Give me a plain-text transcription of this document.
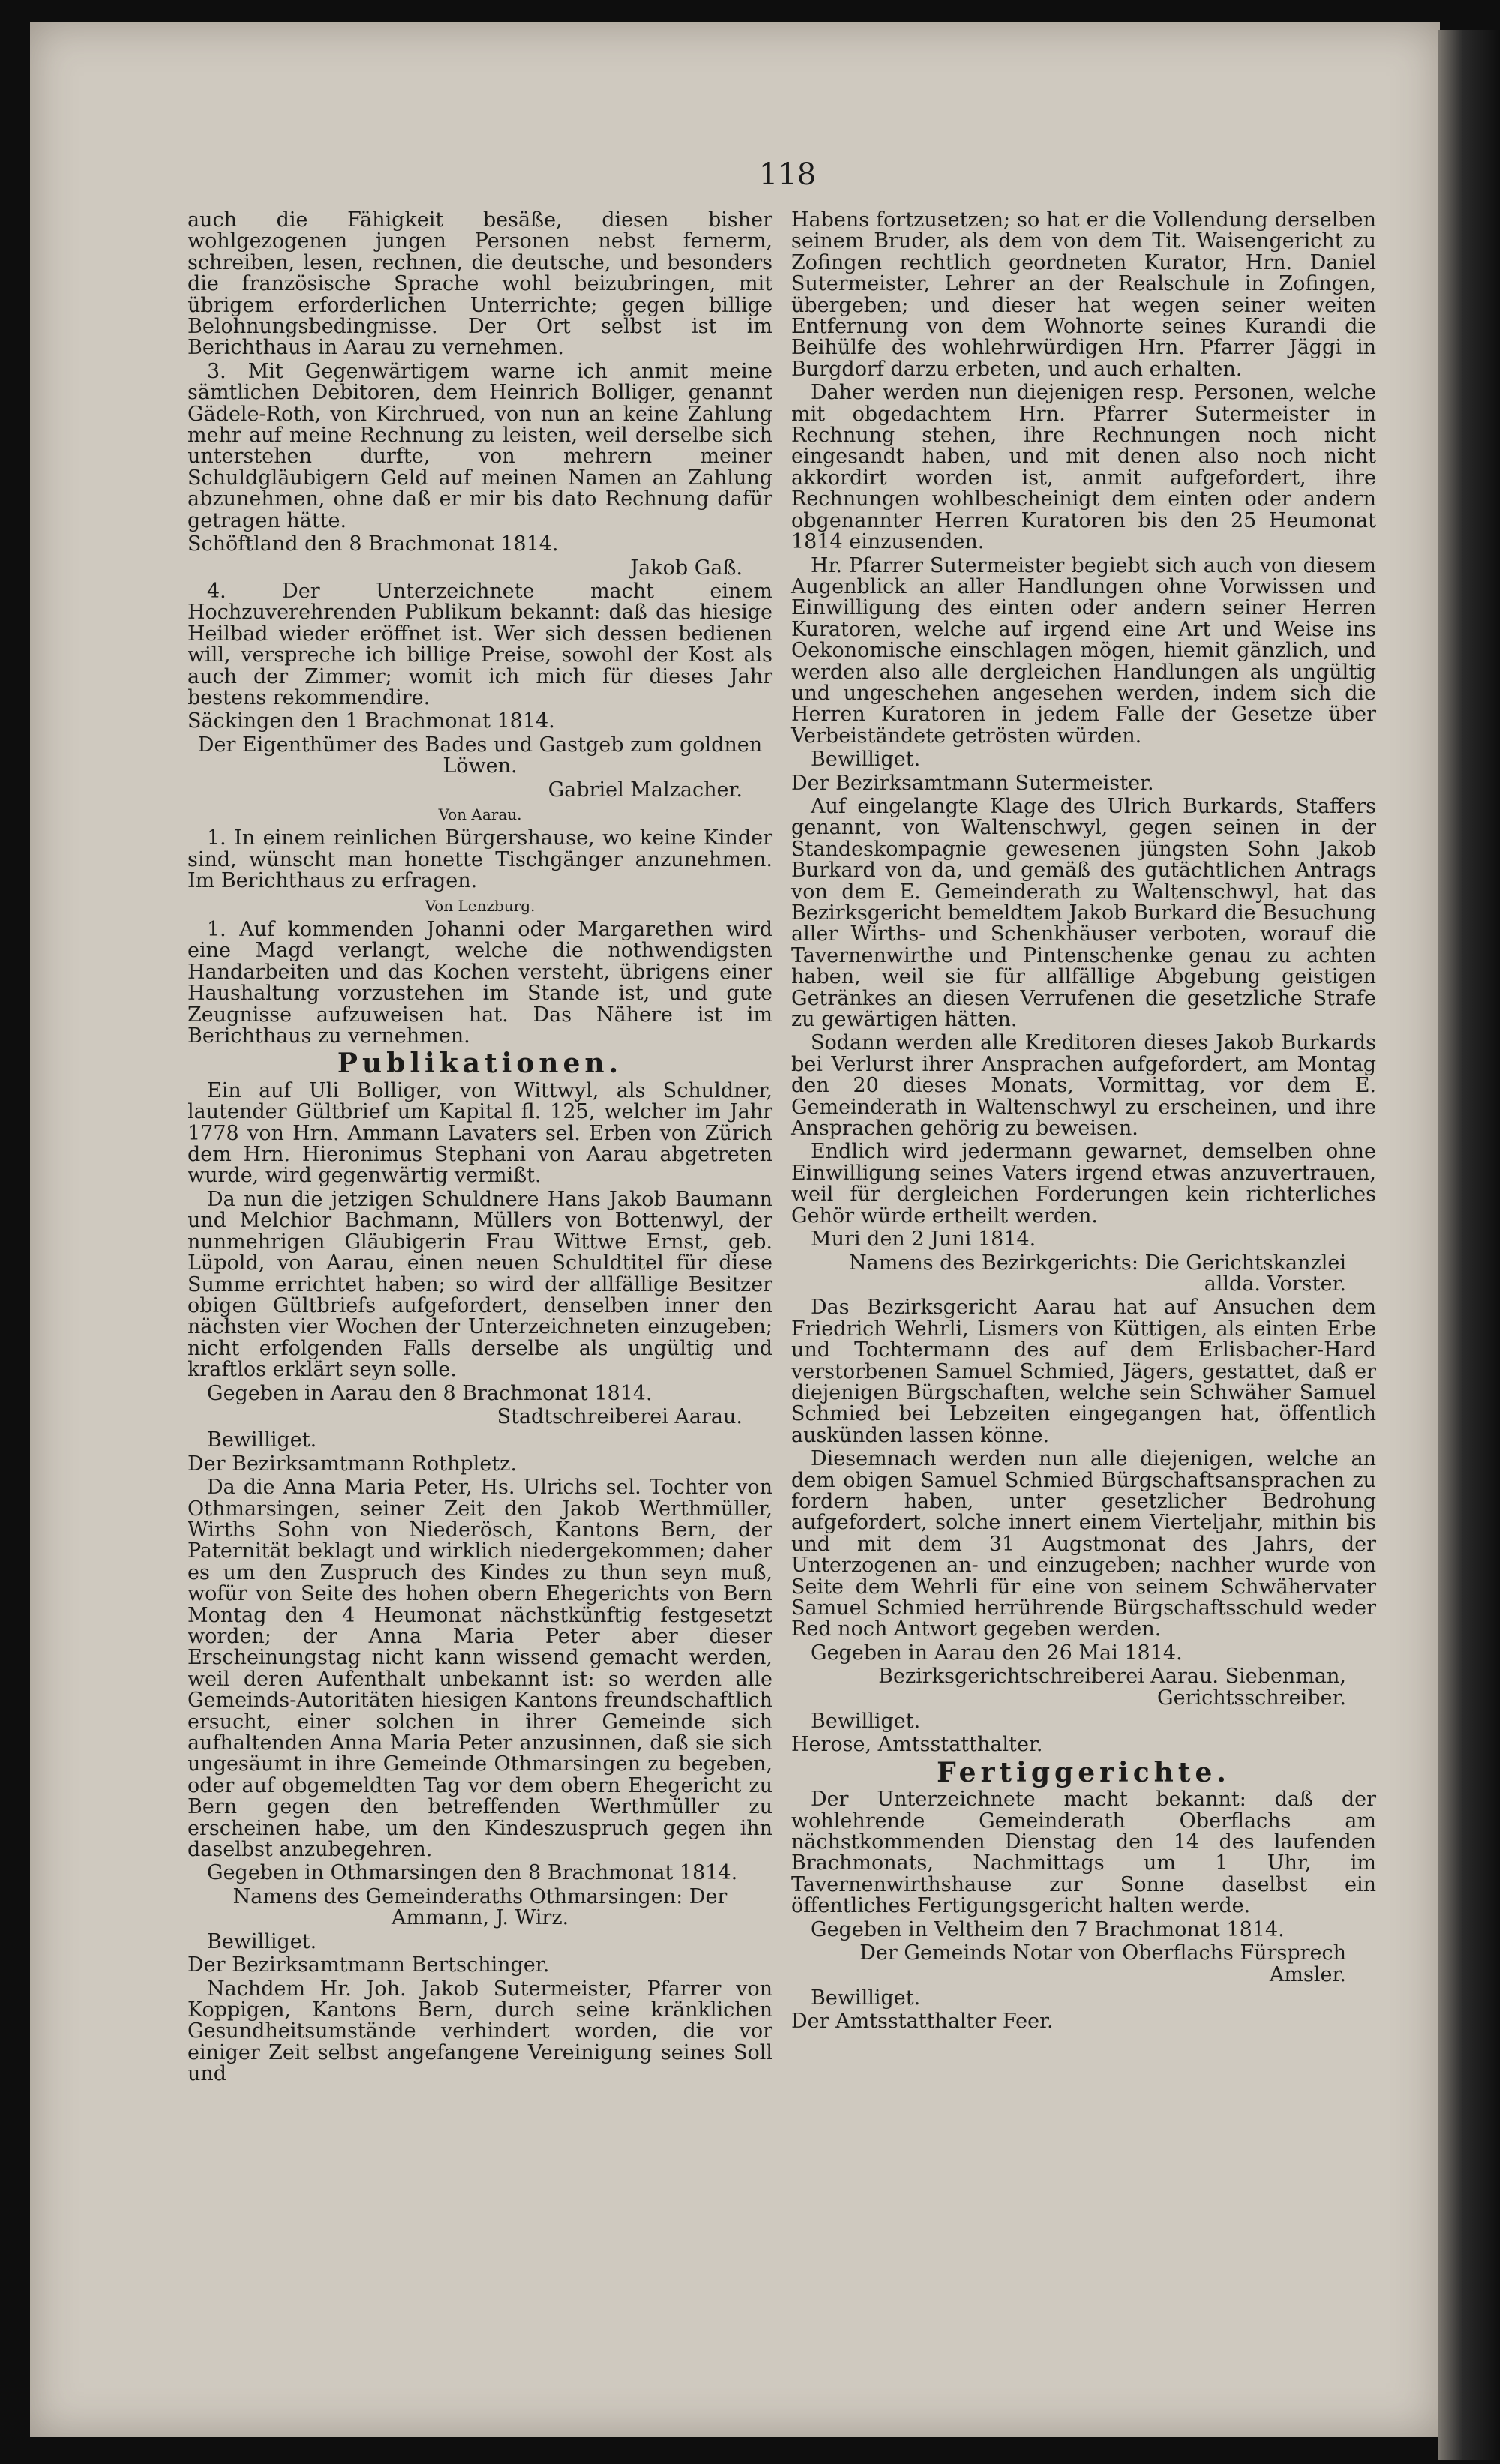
118
auch die Fähigkeit besäße, diesen bisher wohlgezogenen jungen Personen nebst fernerm, schreiben, lesen, rechnen, die deutsche, und besonders die französische Sprache wohl beizubringen, mit übrigem erforderlichen Unterrichte; gegen billige Belohnungsbedingnisse. Der Ort selbst ist im Berichthaus in Aarau zu vernehmen.
3. Mit Gegenwärtigem warne ich anmit meine sämtlichen Debitoren, dem Heinrich Bolliger, genannt Gädele-Roth, von Kirchrued, von nun an keine Zahlung mehr auf meine Rechnung zu leisten, weil derselbe sich unterstehen durfte, von mehrern meiner Schuldgläubigern Geld auf meinen Namen an Zahlung abzunehmen, ohne daß er mir bis dato Rechnung dafür getragen hätte.
Schöftland den 8 Brachmonat 1814.
Jakob Gaß.
4. Der Unterzeichnete macht einem Hochzuverehrenden Publikum bekannt: daß das hiesige Heilbad wieder eröffnet ist. Wer sich dessen bedienen will, verspreche ich billige Preise, sowohl der Kost als auch der Zimmer; womit ich mich für dieses Jahr bestens rekommendire.
Säckingen den 1 Brachmonat 1814.
Der Eigenthümer des Bades und Gastgeb zum goldnen Löwen.
Gabriel Malzacher.
Von Aarau.
1. In einem reinlichen Bürgershause, wo keine Kinder sind, wünscht man honette Tischgänger anzunehmen. Im Berichthaus zu erfragen.
Von Lenzburg.
1. Auf kommenden Johanni oder Margarethen wird eine Magd verlangt, welche die nothwendigsten Handarbeiten und das Kochen versteht, übrigens einer Haushaltung vorzustehen im Stande ist, und gute Zeugnisse aufzuweisen hat. Das Nähere ist im Berichthaus zu vernehmen.
Publikationen.
Ein auf Uli Bolliger, von Wittwyl, als Schuldner, lautender Gültbrief um Kapital fl. 125, welcher im Jahr 1778 von Hrn. Ammann Lavaters sel. Erben von Zürich dem Hrn. Hieronimus Stephani von Aarau abgetreten wurde, wird gegenwärtig vermißt.
Da nun die jetzigen Schuldnere Hans Jakob Baumann und Melchior Bachmann, Müllers von Bottenwyl, der nunmehrigen Gläubigerin Frau Wittwe Ernst, geb. Lüpold, von Aarau, einen neuen Schuldtitel für diese Summe errichtet haben; so wird der allfällige Besitzer obigen Gültbriefs aufgefordert, denselben inner den nächsten vier Wochen der Unterzeichneten einzugeben; nicht erfolgenden Falls derselbe als ungültig und kraftlos erklärt seyn solle.
Gegeben in Aarau den 8 Brachmonat 1814.
Stadtschreiberei Aarau.
Bewilliget.
Der Bezirksamtmann Rothpletz.
Da die Anna Maria Peter, Hs. Ulrichs sel. Tochter von Othmarsingen, seiner Zeit den Jakob Werthmüller, Wirths Sohn von Niederösch, Kantons Bern, der Paternität beklagt und wirklich niedergekommen; daher es um den Zuspruch des Kindes zu thun seyn muß, wofür von Seite des hohen obern Ehegerichts von Bern Montag den 4 Heumonat nächstkünftig festgesetzt worden; der Anna Maria Peter aber dieser Erscheinungstag nicht kann wissend gemacht werden, weil deren Aufenthalt unbekannt ist: so werden alle Gemeinds-Autoritäten hiesigen Kantons freundschaftlich ersucht, einer solchen in ihrer Gemeinde sich aufhaltenden Anna Maria Peter anzusinnen, daß sie sich ungesäumt in ihre Gemeinde Othmarsingen zu begeben, oder auf obgemeldten Tag vor dem obern Ehegericht zu Bern gegen den betreffenden Werthmüller zu erscheinen habe, um den Kindeszuspruch gegen ihn daselbst anzubegehren.
Gegeben in Othmarsingen den 8 Brachmonat 1814.
Namens des Gemeinderaths Othmarsingen: Der Ammann, J. Wirz.
Bewilliget.
Der Bezirksamtmann Bertschinger.
Nachdem Hr. Joh. Jakob Sutermeister, Pfarrer von Koppigen, Kantons Bern, durch seine kränklichen Gesundheitsumstände verhindert worden, die vor einiger Zeit selbst angefangene Vereinigung seines Soll und
Habens fortzusetzen; so hat er die Vollendung derselben seinem Bruder, als dem von dem Tit. Waisengericht zu Zofingen rechtlich geordneten Kurator, Hrn. Daniel Sutermeister, Lehrer an der Realschule in Zofingen, übergeben; und dieser hat wegen seiner weiten Entfernung von dem Wohnorte seines Kurandi die Beihülfe des wohlehrwürdigen Hrn. Pfarrer Jäggi in Burgdorf darzu erbeten, und auch erhalten.
Daher werden nun diejenigen resp. Personen, welche mit obgedachtem Hrn. Pfarrer Sutermeister in Rechnung stehen, ihre Rechnungen noch nicht eingesandt haben, und mit denen also noch nicht akkordirt worden ist, anmit aufgefordert, ihre Rechnungen wohlbescheinigt dem einten oder andern obgenannter Herren Kuratoren bis den 25 Heumonat 1814 einzusenden.
Hr. Pfarrer Sutermeister begiebt sich auch von diesem Augenblick an aller Handlungen ohne Vorwissen und Einwilligung des einten oder andern seiner Herren Kuratoren, welche auf irgend eine Art und Weise ins Oekonomische einschlagen mögen, hiemit gänzlich, und werden also alle dergleichen Handlungen als ungültig und ungeschehen angesehen werden, indem sich die Herren Kuratoren in jedem Falle der Gesetze über Verbeiständete getrösten würden.
Bewilliget.
Der Bezirksamtmann Sutermeister.
Auf eingelangte Klage des Ulrich Burkards, Staffers genannt, von Waltenschwyl, gegen seinen in der Standeskompagnie gewesenen jüngsten Sohn Jakob Burkard von da, und gemäß des gutächtlichen Antrags von dem E. Gemeinderath zu Waltenschwyl, hat das Bezirksgericht bemeldtem Jakob Burkard die Besuchung aller Wirths- und Schenkhäuser verboten, worauf die Tavernenwirthe und Pintenschenke genau zu achten haben, weil sie für allfällige Abgebung geistigen Getränkes an diesen Verrufenen die gesetzliche Strafe zu gewärtigen hätten.
Sodann werden alle Kreditoren dieses Jakob Burkards bei Verlurst ihrer Ansprachen aufgefordert, am Montag den 20 dieses Monats, Vormittag, vor dem E. Gemeinderath in Waltenschwyl zu erscheinen, und ihre Ansprachen gehörig zu beweisen.
Endlich wird jedermann gewarnet, demselben ohne Einwilligung seines Vaters irgend etwas anzuvertrauen, weil für dergleichen Forderungen kein richterliches Gehör würde ertheilt werden.
Muri den 2 Juni 1814.
Namens des Bezirkgerichts: Die Gerichtskanzlei allda. Vorster.
Das Bezirksgericht Aarau hat auf Ansuchen dem Friedrich Wehrli, Lismers von Küttigen, als einten Erbe und Tochtermann des auf dem Erlisbacher-Hard verstorbenen Samuel Schmied, Jägers, gestattet, daß er diejenigen Bürgschaften, welche sein Schwäher Samuel Schmied bei Lebzeiten eingegangen hat, öffentlich auskünden lassen könne.
Diesemnach werden nun alle diejenigen, welche an dem obigen Samuel Schmied Bürgschaftsansprachen zu fordern haben, unter gesetzlicher Bedrohung aufgefordert, solche innert einem Vierteljahr, mithin bis und mit dem 31 Augstmonat des Jahrs, der Unterzogenen an- und einzugeben; nachher wurde von Seite dem Wehrli für eine von seinem Schwähervater Samuel Schmied herrührende Bürgschaftsschuld weder Red noch Antwort gegeben werden.
Gegeben in Aarau den 26 Mai 1814.
Bezirksgerichtschreiberei Aarau. Siebenman, Gerichtsschreiber.
Bewilliget.
Herose, Amtsstatthalter.
Fertiggerichte.
Der Unterzeichnete macht bekannt: daß der wohlehrende Gemeinderath Oberflachs am nächstkommenden Dienstag den 14 des laufenden Brachmonats, Nachmittags um 1 Uhr, im Tavernenwirthshause zur Sonne daselbst ein öffentliches Fertigungsgericht halten werde.
Gegeben in Veltheim den 7 Brachmonat 1814.
Der Gemeinds Notar von Oberflachs Fürsprech Amsler.
Bewilliget.
Der Amtsstatthalter Feer.
